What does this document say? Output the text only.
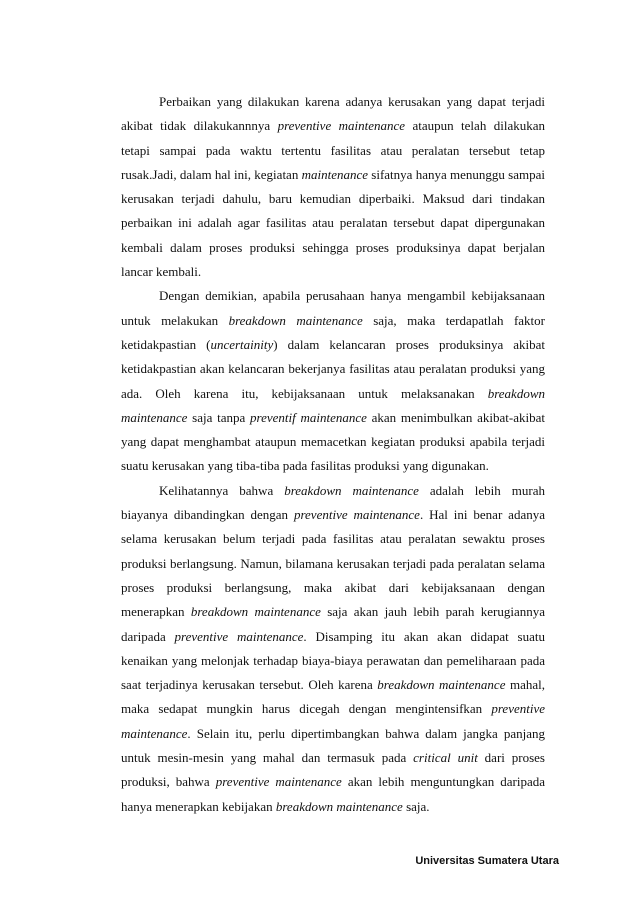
Perbaikan yang dilakukan karena adanya kerusakan yang dapat terjadi akibat tidak dilakukannnya preventive maintenance ataupun telah dilakukan tetapi sampai pada waktu tertentu fasilitas atau peralatan tersebut tetap rusak.Jadi, dalam hal ini, kegiatan maintenance sifatnya hanya menunggu sampai kerusakan terjadi dahulu, baru kemudian diperbaiki. Maksud dari tindakan perbaikan ini adalah agar fasilitas atau peralatan tersebut dapat dipergunakan kembali dalam proses produksi sehingga proses produksinya dapat berjalan lancar kembali.

Dengan demikian, apabila perusahaan hanya mengambil kebijaksanaan untuk melakukan breakdown maintenance saja, maka terdapatlah faktor ketidakpastian (uncertainity) dalam kelancaran proses produksinya akibat ketidakpastian akan kelancaran bekerjanya fasilitas atau peralatan produksi yang ada. Oleh karena itu, kebijaksanaan untuk melaksanakan breakdown maintenance saja tanpa preventif maintenance akan menimbulkan akibat-akibat yang dapat menghambat ataupun memacetkan kegiatan produksi apabila terjadi suatu kerusakan yang tiba-tiba pada fasilitas produksi yang digunakan.

Kelihatannya bahwa breakdown maintenance adalah lebih murah biayanya dibandingkan dengan preventive maintenance. Hal ini benar adanya selama kerusakan belum terjadi pada fasilitas atau peralatan sewaktu proses produksi berlangsung. Namun, bilamana kerusakan terjadi pada peralatan selama proses produksi berlangsung, maka akibat dari kebijaksanaan dengan menerapkan breakdown maintenance saja akan jauh lebih parah kerugiannya daripada preventive maintenance. Disamping itu akan akan didapat suatu kenaikan yang melonjak terhadap biaya-biaya perawatan dan pemeliharaan pada saat terjadinya kerusakan tersebut. Oleh karena breakdown maintenance mahal, maka sedapat mungkin harus dicegah dengan mengintensifkan preventive maintenance. Selain itu, perlu dipertimbangkan bahwa dalam jangka panjang untuk mesin-mesin yang mahal dan termasuk pada critical unit dari proses produksi, bahwa preventive maintenance akan lebih menguntungkan daripada hanya menerapkan kebijakan breakdown maintenance saja.

Universitas Sumatera Utara
